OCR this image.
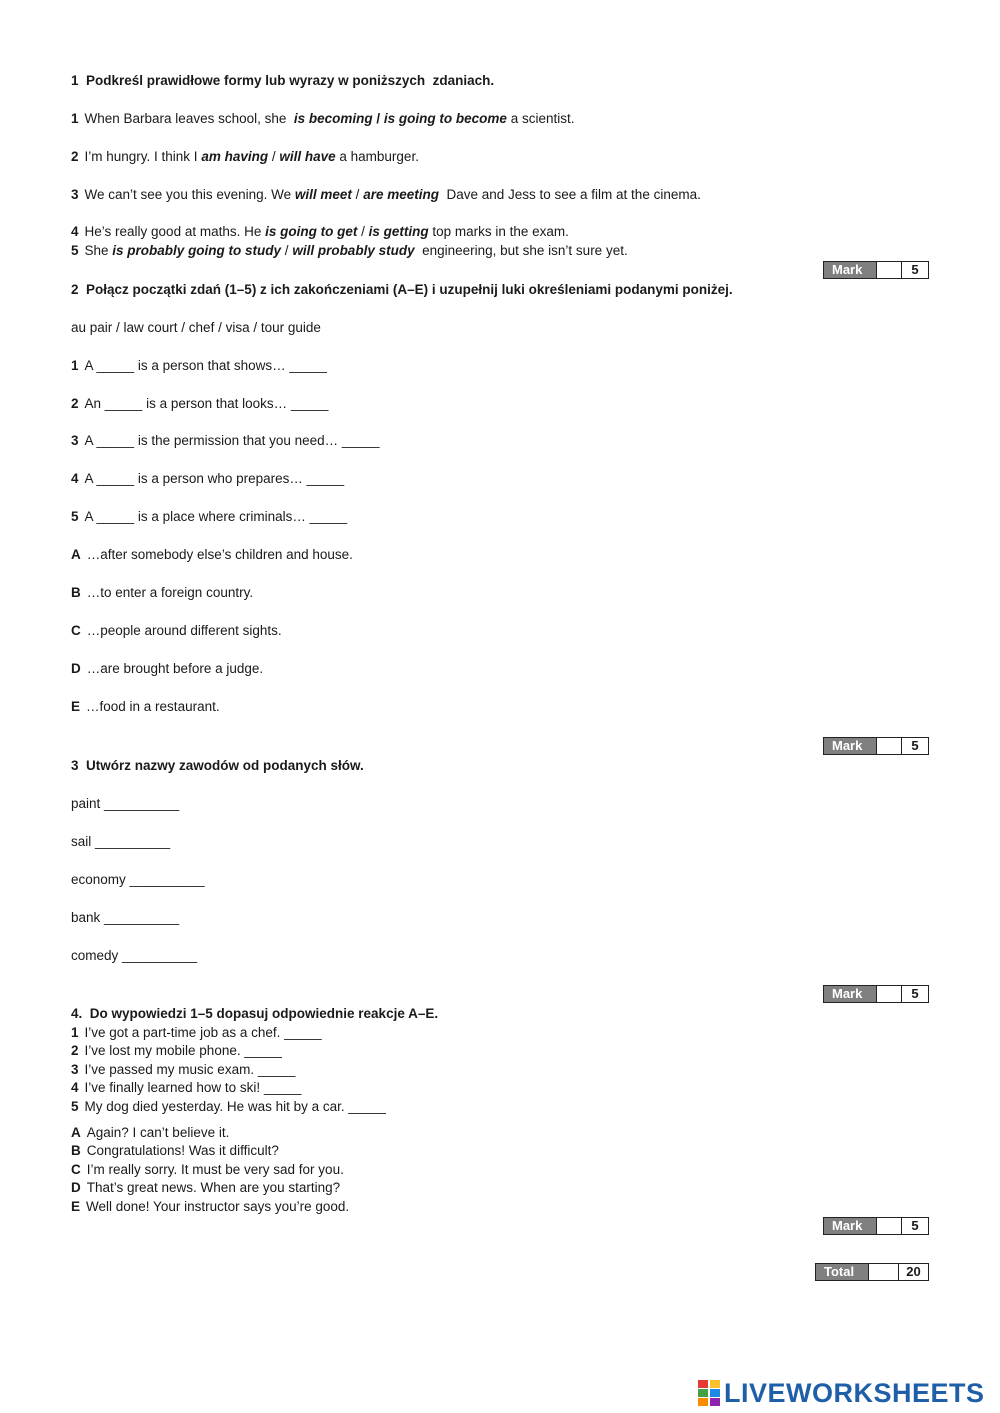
1  Podkreśl prawidłowe formy lub wyrazy w poniższych  zdaniach.
1 When Barbara leaves school, she  is becoming / is going to become a scientist.
2 I’m hungry. I think I am having / will have a hamburger.
3 We can’t see you this evening. We will meet / are meeting  Dave and Jess to see a film at the cinema.
4 He’s really good at maths. He is going to get / is getting top marks in the exam.
5 She is probably going to study / will probably study  engineering, but she isn’t sure yet.
Mark	5
2  Połącz początki zdań (1–5) z ich zakończeniami (A–E) i uzupełnij luki określeniami podanymi poniżej.
au pair / law court / chef / visa / tour guide
1 A _____ is a person that shows… _____
2 An _____ is a person that looks… _____
3 A _____ is the permission that you need… _____
4 A _____ is a person who prepares… _____
5 A _____ is a place where criminals… _____
A …after somebody else’s children and house.
B …to enter a foreign country.
C …people around different sights.
D …are brought before a judge.
E …food in a restaurant.
Mark	5
3  Utwórz nazwy zawodów od podanych słów.
paint __________
sail __________
economy __________
bank __________
comedy __________
Mark	5
4.  Do wypowiedzi 1–5 dopasuj odpowiednie reakcje A–E.
1 I’ve got a part-time job as a chef. _____
2 I’ve lost my mobile phone. _____
3 I’ve passed my music exam. _____
4 I’ve finally learned how to ski! _____
5 My dog died yesterday. He was hit by a car. _____
A Again? I can’t believe it.
B Congratulations! Was it difficult?
C I’m really sorry. It must be very sad for you.
D That’s great news. When are you starting?
E Well done! Your instructor says you’re good.
Mark	5
Total	20
LIVEWORKSHEETS
